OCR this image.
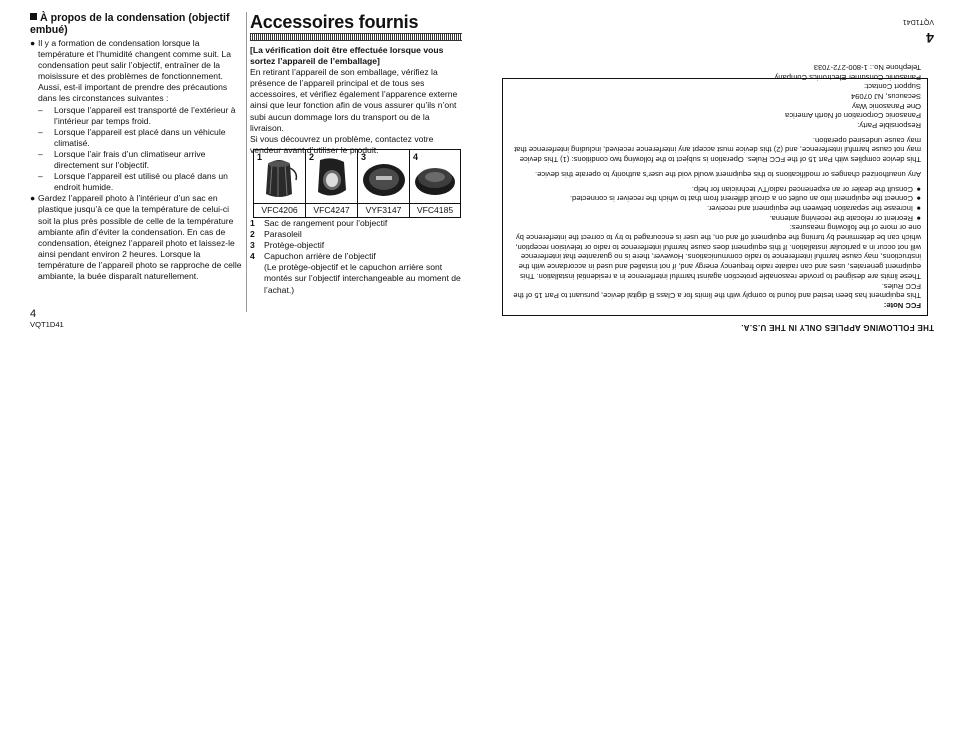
À propos de la condensation (objectif embué)
● Il y a formation de condensation lorsque la température et l’humidité changent comme suit. La condensation peut salir l’objectif, entraîner de la moisissure et des problèmes de fonctionnement. Aussi, est-il important de prendre des précautions dans les circonstances suivantes :

– Lorsque l’appareil est transporté de l’extérieur à l’intérieur par temps froid.

– Lorsque l’appareil est placé dans un véhicule climatisé.

– Lorsque l’air frais d’un climatiseur arrive directement sur l’objectif.

– Lorsque l’appareil est utilisé ou placé dans un endroit humide.

● Gardez l’appareil photo à l’intérieur d’un sac en plastique jusqu’à ce que la température de celui-ci soit la plus près possible de celle de la température ambiante afin d’éviter la condensation. En cas de condensation, éteignez l’appareil photo et laissez-le ainsi pendant environ 2 heures. Lorsque la température de l’appareil photo se rapproche de celle ambiante, la buée disparaît naturellement.

4
VQT1D41
Accessoires fournis

[La vérification doit être effectuée lorsque vous sortez l’appareil de l’emballage]

En retirant l’appareil de son emballage, vérifiez la présence de l’appareil principal et de tous ses accessoires, et vérifiez également l’apparence externe ainsi que leur fonction afin de vous assurer qu’ils n’ont subi aucun dommage lors du transport ou de la livraison.

Si vous découvrez un problème, contactez votre vendeur avant d’utiliser le produit.

1
VFC4206
2
VFC4247
3
VYF3147
4
VFC4185
1 Sac de rangement pour l’objectif
2 Parasoleil
3 Protège-objectif
4 Capuchon arrière de l’objectif

(Le protège-objectif et le capuchon arrière sont montés sur l’objectif interchangeable au moment de l’achat.)

THE FOLLOWING APPLIES ONLY IN THE U.S.A.

FCC Note:

This equipment has been tested and found to comply with the limits for a Class B digital device, pursuant to Part 15 of the FCC Rules.

These limits are designed to provide reasonable protection against harmful interference in a residential installation. This equipment generates, uses and can radiate radio frequency energy and, if not installed and used in accordance with the instructions, may cause harmful interference to radio communications. However, there is no guarantee that interference will not occur in a particular installation. If this equipment does cause harmful interference to radio or television reception, which can be determined by turning the equipment off and on, the user is encouraged to try to correct the interference by one or more of the following measures:

●
Reorient or relocate the receiving antenna.
●
Increase the separation between the equipment and receiver.
●
Connect the equipment into an outlet on a circuit different from that to which the receiver is connected.
●
Consult the dealer or an experienced radio/TV technician for help.

Any unauthorized changes or modifications to this equipment would void the user’s authority to operate this device.

This device complies with Part 15 of the FCC Rules. Operation is subject to the following two conditions: (1) This device may not cause harmful interference, and (2) this device must accept any interference received, including interference that may cause undesired operation.

Responsible Party:

Panasonic Corporation of North America

One Panasonic Way

Secaucus, NJ 07094

Support Contact:

Panasonic Consumer Electronics Company

Telephone No.: 1-800-272-7033

4
VQT1D41
